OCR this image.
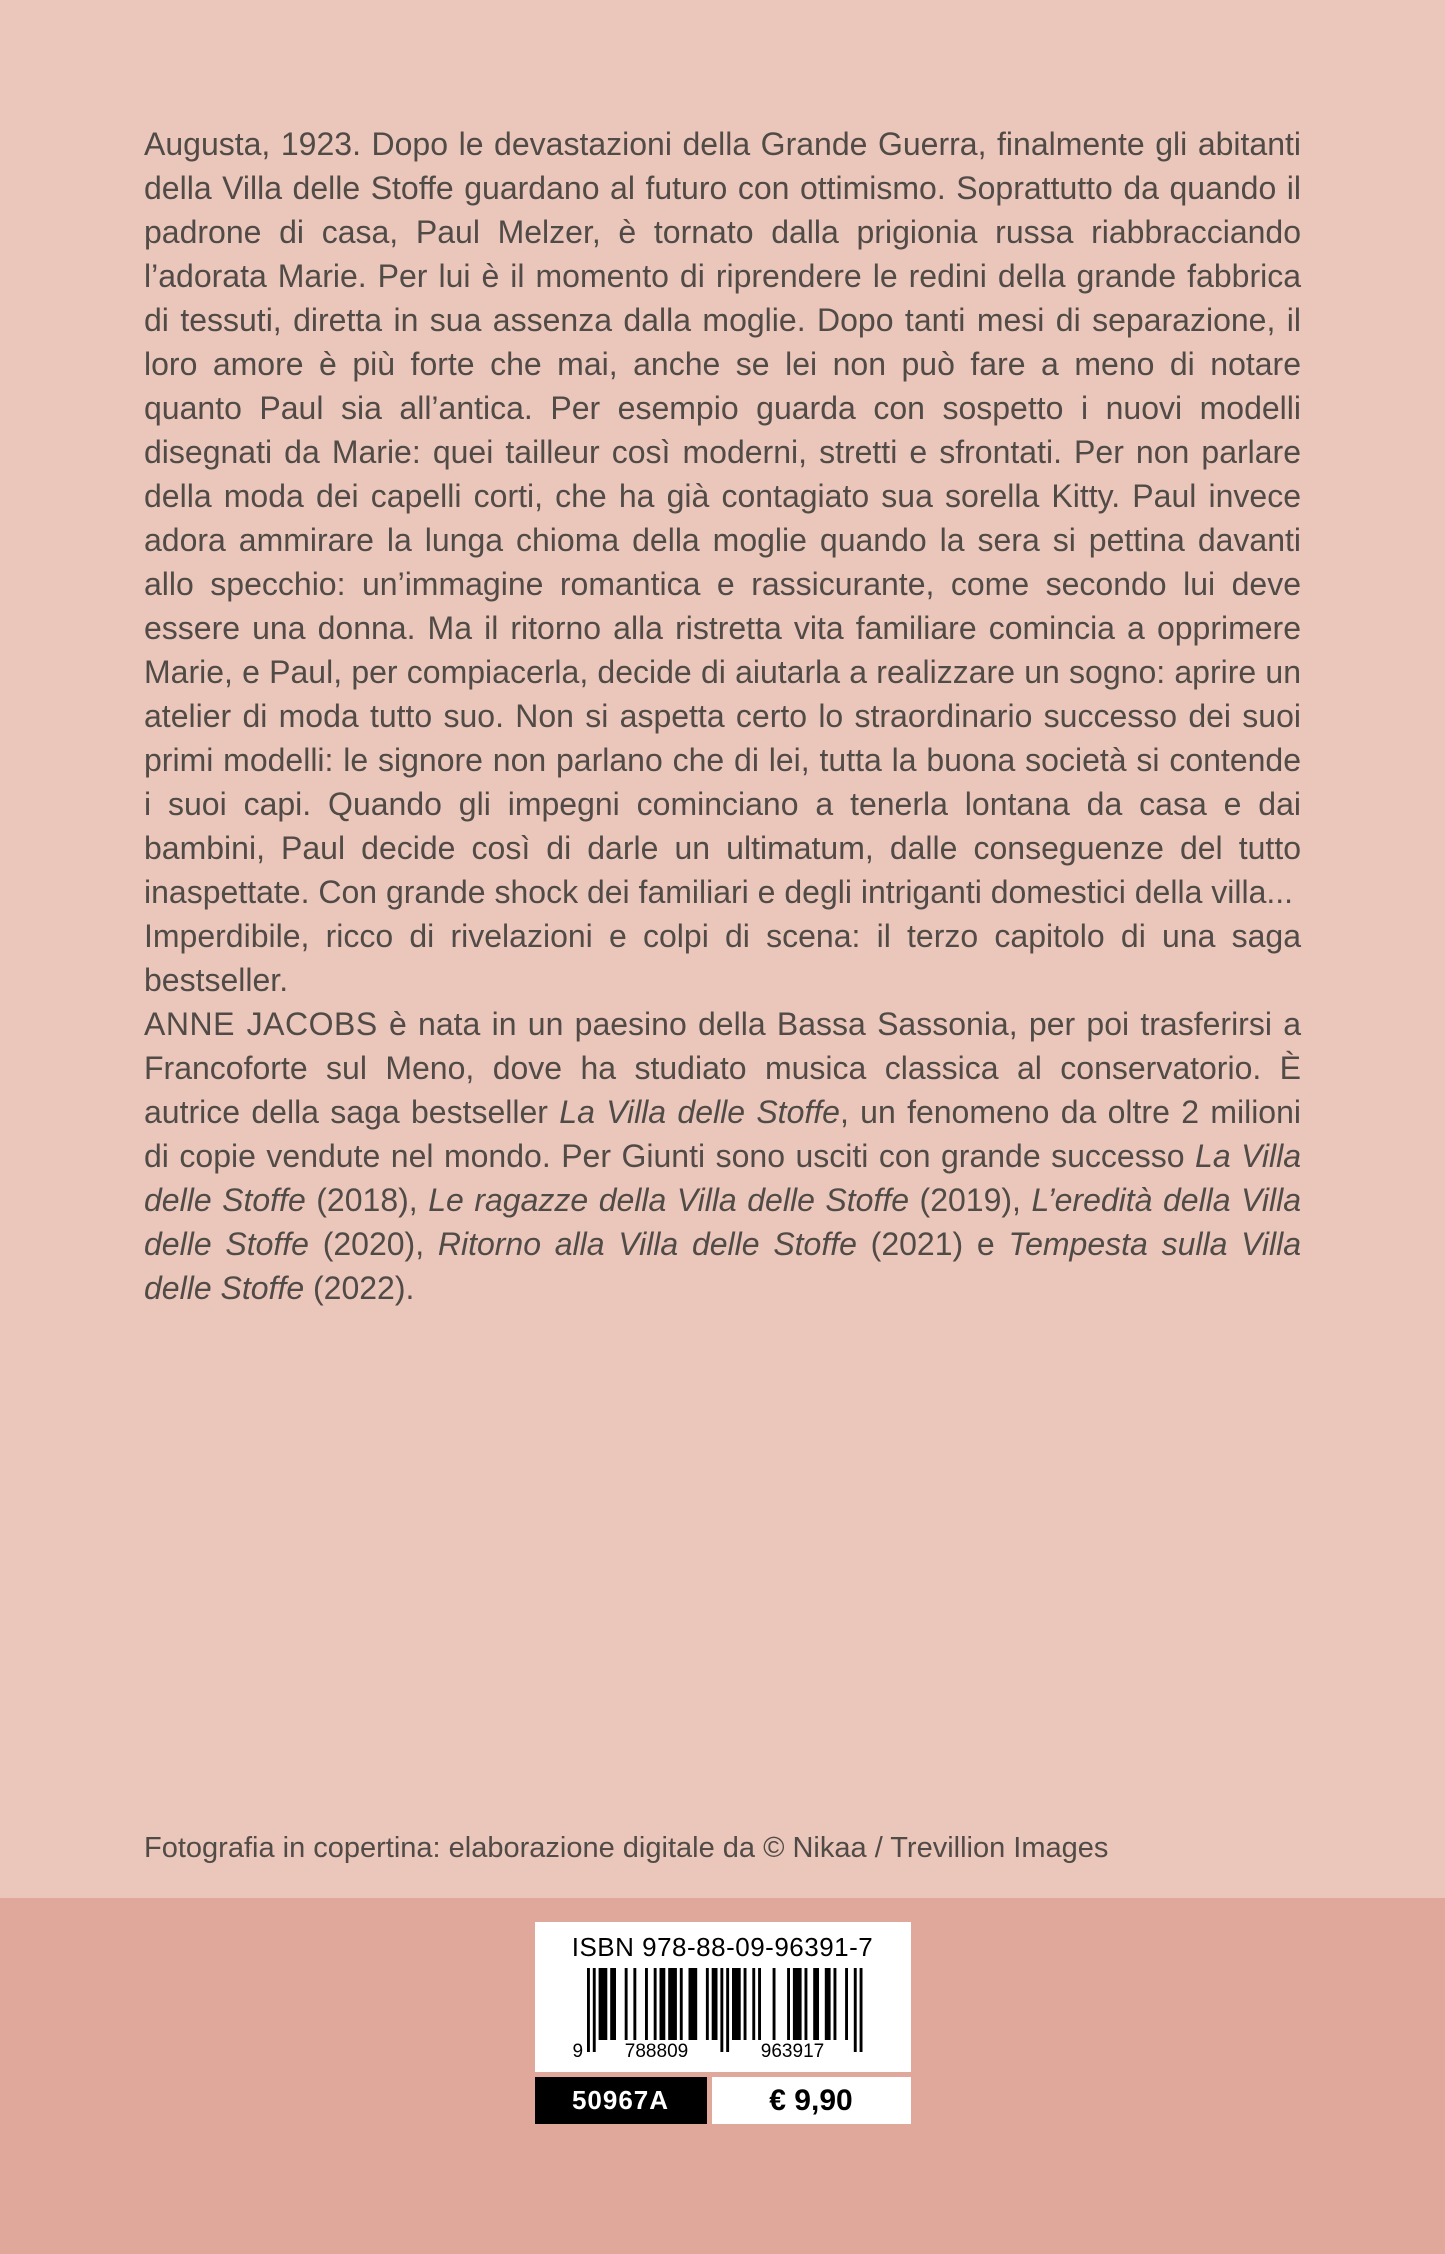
Augusta, 1923. Dopo le devastazioni della Grande Guerra, finalmente gli abitanti della Villa delle Stoffe guardano al futuro con ottimismo. Soprattutto da quando il padrone di casa, Paul Melzer, è tornato dalla prigionia russa riabbracciando l’adorata Marie. Per lui è il momento di riprendere le redini della grande fabbrica di tessuti, diretta in sua assenza dalla moglie. Dopo tanti mesi di separazione, il loro amore è più forte che mai, anche se lei non può fare a meno di notare quanto Paul sia all’antica. Per esempio guarda con sospetto i nuovi modelli disegnati da Marie: quei tailleur così moderni, stretti e sfrontati. Per non parlare della moda dei capelli corti, che ha già contagiato sua sorella Kitty. Paul invece adora ammirare la lunga chioma della moglie quando la sera si pettina davanti allo specchio: un’immagine romantica e rassicurante, come secondo lui deve essere una donna. Ma il ritorno alla ristretta vita familiare comincia a opprimere Marie, e Paul, per compiacerla, decide di aiutarla a realizzare un sogno: aprire un atelier di moda tutto suo. Non si aspetta certo lo straordinario successo dei suoi primi modelli: le signore non parlano che di lei, tutta la buona società si contende i suoi capi. Quando gli impegni cominciano a tenerla lontana da casa e dai bambini, Paul decide così di darle un ultimatum, dalle conseguenze del tutto inaspettate. Con grande shock dei familiari e degli intriganti domestici della villa...

Imperdibile, ricco di rivelazioni e colpi di scena: il terzo capitolo di una saga bestseller.

ANNE JACOBS è nata in un paesino della Bassa Sassonia, per poi trasferirsi a Francoforte sul Meno, dove ha studiato musica classica al conservatorio. È autrice della saga bestseller La Villa delle Stoffe, un fenomeno da oltre 2 milioni di copie vendute nel mondo. Per Giunti sono usciti con grande successo La Villa delle Stoffe (2018), Le ragazze della Villa delle Stoffe (2019), L’eredità della Villa delle Stoffe (2020), Ritorno alla Villa delle Stoffe (2021) e Tempesta sulla Villa delle Stoffe (2022).

Fotografia in copertina: elaborazione digitale da © Nikaa / Trevillion Images
ISBN 978-88-09-96391-7
9	788809	963917
50967A	€ 9,90
